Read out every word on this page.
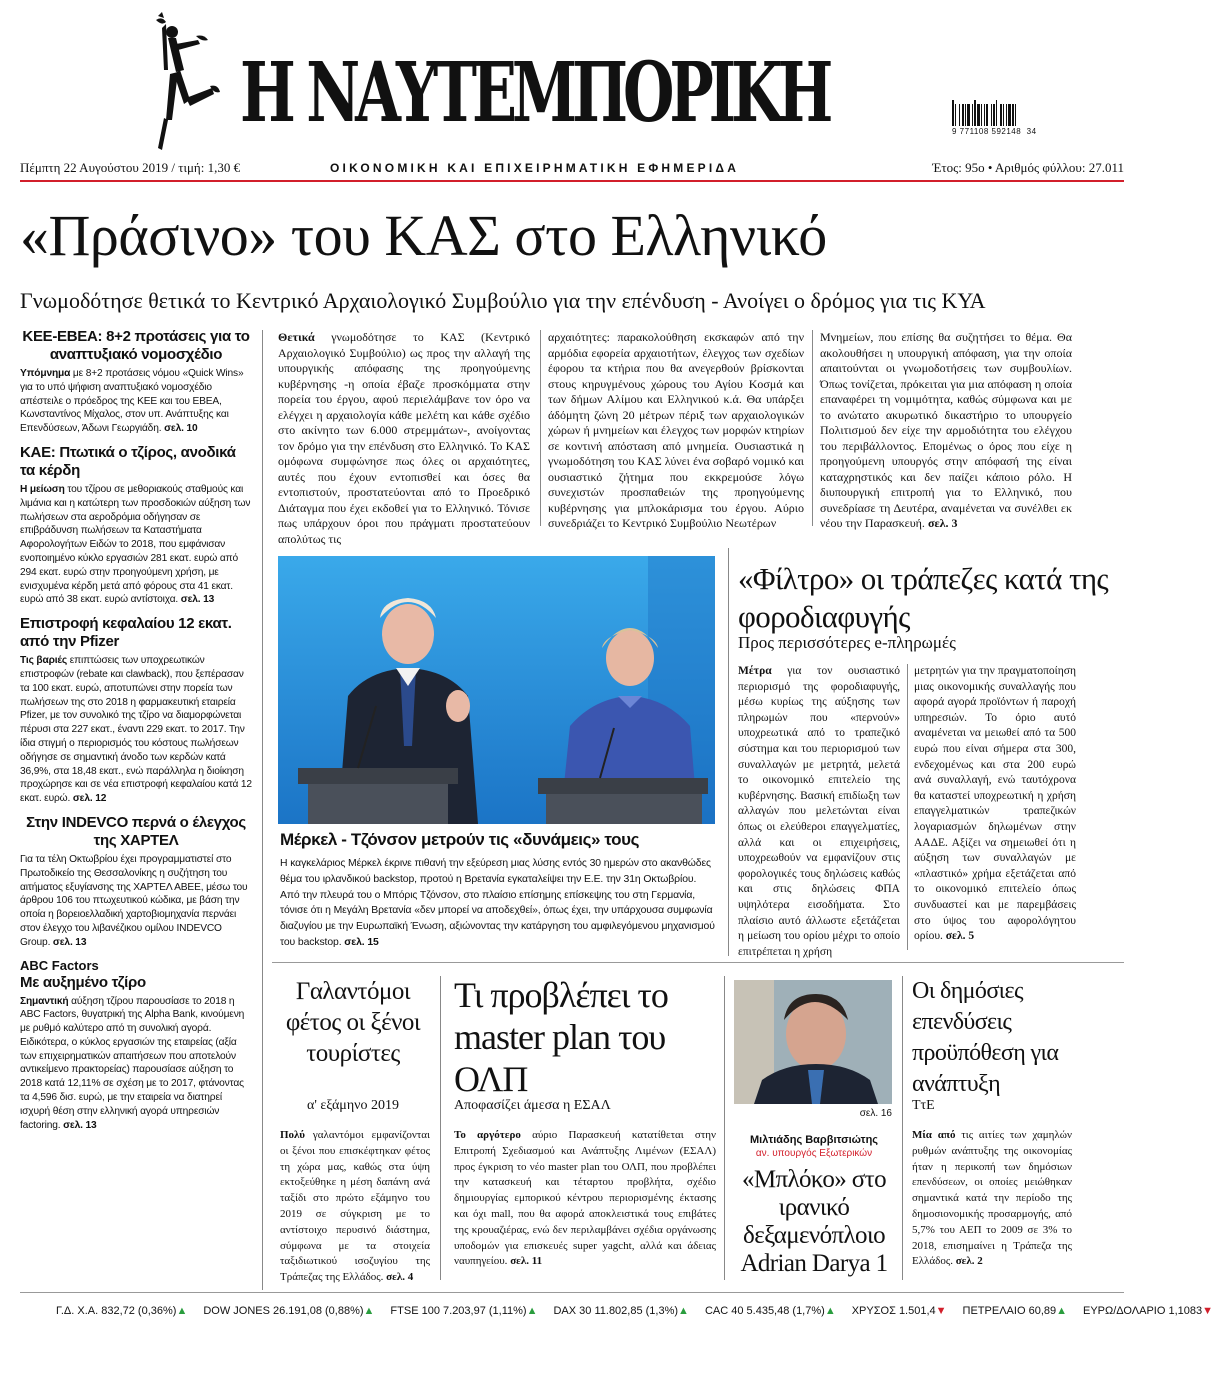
Η ΝΑΥΤΕΜΠΟΡΙΚΗ	9 771108 592148 34
Πέμπτη 22 Αυγούστου 2019 / τιμή: 1,30 €	ΟΙΚΟΝΟΜΙΚΗ ΚΑΙ ΕΠΙΧΕΙΡΗΜΑΤΙΚΗ ΕΦΗΜΕΡΙΔΑ	Έτος: 95ο • Αριθμός φύλλου: 27.011
«Πράσινο» του ΚΑΣ στο Ελληνικό
Γνωμοδότησε θετικά το Κεντρικό Αρχαιολογικό Συμβούλιο για την επένδυση - Ανοίγει ο δρόμος για τις ΚΥΑ
Θετικά γνωμοδότησε το ΚΑΣ (Κεντρικό Αρχαιολογικό Συμβούλιο) ως προς την αλλαγή της υπουργικής απόφασης της προηγούμενης κυβέρνησης -η οποία έβαζε προσκόμματα στην πορεία του έργου, αφού περιελάμβανε τον όρο να ελέγχει η αρχαιολογία κάθε μελέτη και κάθε σχέδιο στο ακίνητο των 6.000 στρεμμάτων-, ανοίγοντας τον δρόμο για την επένδυση στο Ελληνικό. Το ΚΑΣ ομόφωνα συμφώνησε πως όλες οι αρχαιότητες, αυτές που έχουν εντοπισθεί και όσες θα εντοπιστούν, προστατεύονται από το Προεδρικό Διάταγμα που έχει εκδοθεί για το Ελληνικό. Τόνισε πως υπάρχουν όροι που πράγματι προστατεύουν απολύτως τις
αρχαιότητες: παρακολούθηση εκσκαφών από την αρμόδια εφορεία αρχαιοτήτων, έλεγχος των σχεδίων έφορου τα κτήρια που θα ανεγερθούν βρίσκονται στους κηρυγμένους χώρους του Αγίου Κοσμά και των δήμων Αλίμου και Ελληνικού κ.ά. Θα υπάρξει άδόμητη ζώνη 20 μέτρων πέριξ των αρχαιολογικών χώρων ή μνημείων και έλεγχος των μορφών κτηρίων σε κοντινή απόσταση από μνημεία. Ουσιαστικά η γνωμοδότηση του ΚΑΣ λύνει ένα σοβαρό νομικό και ουσιαστικό ζήτημα που εκκρεμούσε λόγω συνεχιστών προσπαθειών της προηγούμενης κυβέρνησης για μπλοκάρισμα του έργου. Αύριο συνεδριάζει το Κεντρικό Συμβούλιο Νεωτέρων
Μνημείων, που επίσης θα συζητήσει το θέμα. Θα ακολουθήσει η υπουργική απόφαση, για την οποία απαιτούνται οι γνωμοδοτήσεις των συμβουλίων. Όπως τονίζεται, πρόκειται για μια απόφαση η οποία επαναφέρει τη νομιμότητα, καθώς σύμφωνα και με το ανώτατο ακυρωτικό δικαστήριο το υπουργείο Πολιτισμού δεν είχε την αρμοδιότητα του ελέγχου του περιβάλλοντος. Επομένως ο όρος που είχε η προηγούμενη υπουργός στην απόφασή της είναι καταχρηστικός και δεν παίζει κάποιο ρόλο. Η διυπουργική επιτροπή για το Ελληνικό, που συνεδρίασε τη Δευτέρα, αναμένεται να συνέλθει εκ νέου την Παρασκευή. σελ. 3
ΚΕΕ-ΕΒΕΑ: 8+2 προτάσεις για το αναπτυξιακό νομοσχέδιο
Υπόμνημα με 8+2 προτάσεις νόμου «Quick Wins» για το υπό ψήφιση αναπτυξιακό νομοσχέδιο απέστειλε ο πρόεδρος της ΚΕΕ και του ΕΒΕΑ, Κωνσταντίνος Μίχαλος, στον υπ. Ανάπτυξης και Επενδύσεων, Άδωνι Γεωργιάδη. σελ. 10
ΚΑΕ: Πτωτικά ο τζίρος, ανοδικά τα κέρδη
Η μείωση του τζίρου σε μεθοριακούς σταθμούς και λιμάνια και η κατώτερη των προσδοκιών αύξηση των πωλήσεων στα αεροδρόμια οδήγησαν σε επιβράδυνση πωλήσεων τα Καταστήματα Αφορολογήτων Ειδών το 2018, που εμφάνισαν ενοποιημένο κύκλο εργασιών 281 εκατ. ευρώ από 294 εκατ. ευρώ στην προηγούμενη χρήση, με ενισχυμένα κέρδη μετά από φόρους στα 41 εκατ. ευρώ από 38 εκατ. ευρώ αντίστοιχα. σελ. 13
Επιστροφή κεφαλαίου 12 εκατ. από την Pfizer
Τις βαριές επιπτώσεις των υποχρεωτικών επιστροφών (rebate και clawback), που ξεπέρασαν τα 100 εκατ. ευρώ, αποτυπώνει στην πορεία των πωλήσεων της στο 2018 η φαρμακευτική εταιρεία Pfizer, με τον συνολικό της τζίρο να διαμορφώνεται πέρυσι στα 227 εκατ., έναντι 229 εκατ. το 2017. Την ίδια στιγμή ο περιορισμός του κόστους πωλήσεων οδήγησε σε σημαντική άνοδο των κερδών κατά 36,9%, στα 18,48 εκατ., ενώ παράλληλα η διοίκηση προχώρησε και σε νέα επιστροφή κεφαλαίου κατά 12 εκατ. ευρώ. σελ. 12
Στην INDEVCO περνά ο έλεγχος της ΧΑΡΤΕΛ
Για τα τέλη Οκτωβρίου έχει προγραμματιστεί στο Πρωτοδικείο της Θεσσαλονίκης η συζήτηση του αιτήματος εξυγίανσης της ΧΑΡΤΕΛ ΑΒΕΕ, μέσω του άρθρου 106 του πτωχευτικού κώδικα, με βάση την οποία η βορειοελλαδική χαρτοβιομηχανία περνάει στον έλεγχο του λιβανέζικου ομίλου INDEVCO Group. σελ. 13
ABC Factors
Με αυξημένο τζίρο
Σημαντική αύξηση τζίρου παρουσίασε το 2018 η ABC Factors, θυγατρική της Alpha Bank, κινούμενη με ρυθμό καλύτερο από τη συνολική αγορά. Ειδικότερα, ο κύκλος εργασιών της εταιρείας (αξία των επιχειρηματικών απαιτήσεων που αποτελούν αντικείμενο πρακτορείας) παρουσίασε αύξηση το 2018 κατά 12,11% σε σχέση με το 2017, φτάνοντας τα 4,596 δισ. ευρώ, με την εταιρεία να διατηρεί ισχυρή θέση στην ελληνική αγορά υπηρεσιών factoring. σελ. 13
Μέρκελ - Τζόνσον μετρούν τις «δυνάμεις» τους
Η καγκελάριος Μέρκελ έκρινε πιθανή την εξεύρεση μιας λύσης εντός 30 ημερών στο ακανθώδες θέμα του ιρλανδικού backstop, προτού η Βρετανία εγκαταλείψει την Ε.Ε. την 31η Οκτωβρίου. Από την πλευρά του ο Μπόρις Τζόνσον, στο πλαίσιο επίσημης επίσκεψης του στη Γερμανία, τόνισε ότι η Μεγάλη Βρετανία «δεν μπορεί να αποδεχθεί», όπως έχει, την υπάρχουσα συμφωνία διαζυγίου με την Ευρωπαϊκή Ένωση, αξιώνοντας την κατάργηση του αμφιλεγόμενου μηχανισμού του backstop. σελ. 15
«Φίλτρο» οι τράπεζες κατά της φοροδιαφυγής
Προς περισσότερες e-πληρωμές
Μέτρα για τον ουσιαστικό περιορισμό της φοροδιαφυγής, μέσω κυρίως της αύξησης των πληρωμών που «περνούν» υποχρεωτικά από το τραπεζικό σύστημα και του περιορισμού των συναλλαγών με μετρητά, μελετά το οικονομικό επιτελείο της κυβέρνησης. Βασική επιδίωξη των αλλαγών που μελετώνται είναι όπως οι ελεύθεροι επαγγελματίες, αλλά και οι επιχειρήσεις, υποχρεωθούν να εμφανίζουν στις φορολογικές τους δηλώσεις καθώς και στις δηλώσεις ΦΠΑ υψηλότερα εισοδήματα. Στο πλαίσιο αυτό άλλωστε εξετάζεται η μείωση του ορίου μέχρι το οποίο επιτρέπεται η χρήση
μετρητών για την πραγματοποίηση μιας οικονομικής συναλλαγής που αφορά αγορά προϊόντων ή παροχή υπηρεσιών. Το όριο αυτό αναμένεται να μειωθεί από τα 500 ευρώ που είναι σήμερα στα 300, ενδεχομένως και στα 200 ευρώ ανά συναλλαγή, ενώ ταυτόχρονα θα καταστεί υποχρεωτική η χρήση επαγγελματικών τραπεζικών λογαριασμών δηλωμένων στην ΑΑΔΕ. Αξίζει να σημειωθεί ότι η αύξηση των συναλλαγών με «πλαστικό» χρήμα εξετάζεται από το οικονομικό επιτελείο όπως συνδυαστεί και με παρεμβάσεις στο ύψος του αφορολόγητου ορίου. σελ. 5
Γαλαντόμοι φέτος οι ξένοι τουρίστες
α' εξάμηνο 2019
Πολύ γαλαντόμοι εμφανίζονται οι ξένοι που επισκέφτηκαν φέτος τη χώρα μας, καθώς στα ύψη εκτοξεύθηκε η μέση δαπάνη ανά ταξίδι στο πρώτο εξάμηνο του 2019 σε σύγκριση με το αντίστοιχο περυσινό διάστημα, σύμφωνα με τα στοιχεία ταξιδιωτικού ισοζυγίου της Τράπεζας της Ελλάδος. σελ. 4
Τι προβλέπει το master plan του ΟΛΠ
Αποφασίζει άμεσα η ΕΣΑΛ
Το αργότερο αύριο Παρασκευή κατατίθεται στην Επιτροπή Σχεδιασμού και Ανάπτυξης Λιμένων (ΕΣΑΛ) προς έγκριση το νέο master plan του ΟΛΠ, που προβλέπει την κατασκευή και τέταρτου προβλήτα, σχέδιο δημιουργίας εμπορικού κέντρου περιορισμένης έκτασης και όχι mall, που θα αφορά αποκλειστικά τους επιβάτες της κρουαζιέρας, ενώ δεν περιλαμβάνει σχέδια οργάνωσης υποδομών για επισκευές super yagcht, αλλά και άδειας ναυπηγείου. σελ. 11
σελ. 16
Μιλτιάδης Βαρβιτσιώτης
αν. υπουργός Εξωτερικών
«Μπλόκο» στο ιρανικό δεξαμενόπλοιο Adrian Darya 1
Οι δημόσιες επενδύσεις προϋπόθεση για ανάπτυξη
ΤτΕ
Μία από τις αιτίες των χαμηλών ρυθμών ανάπτυξης της οικονομίας ήταν η περικοπή των δημόσιων επενδύσεων, οι οποίες μειώθηκαν σημαντικά κατά την περίοδο της δημοσιονομικής προσαρμογής, από 5,7% του ΑΕΠ το 2009 σε 3% το 2018, επισημαίνει η Τράπεζα της Ελλάδος. σελ. 2
Γ.Δ. Χ.Α. 832,72 (0,36%)▲ DOW JONES 26.191,08 (0,88%)▲ FTSE 100 7.203,97 (1,11%)▲ DAX 30 11.802,85 (1,3%)▲ CAC 40 5.435,48 (1,7%)▲ ΧΡΥΣΟΣ 1.501,4▼ ΠΕΤΡΕΛΑΙΟ 60,89▲ ΕΥΡΩ/ΔΟΛΑΡΙΟ 1,1083▼
